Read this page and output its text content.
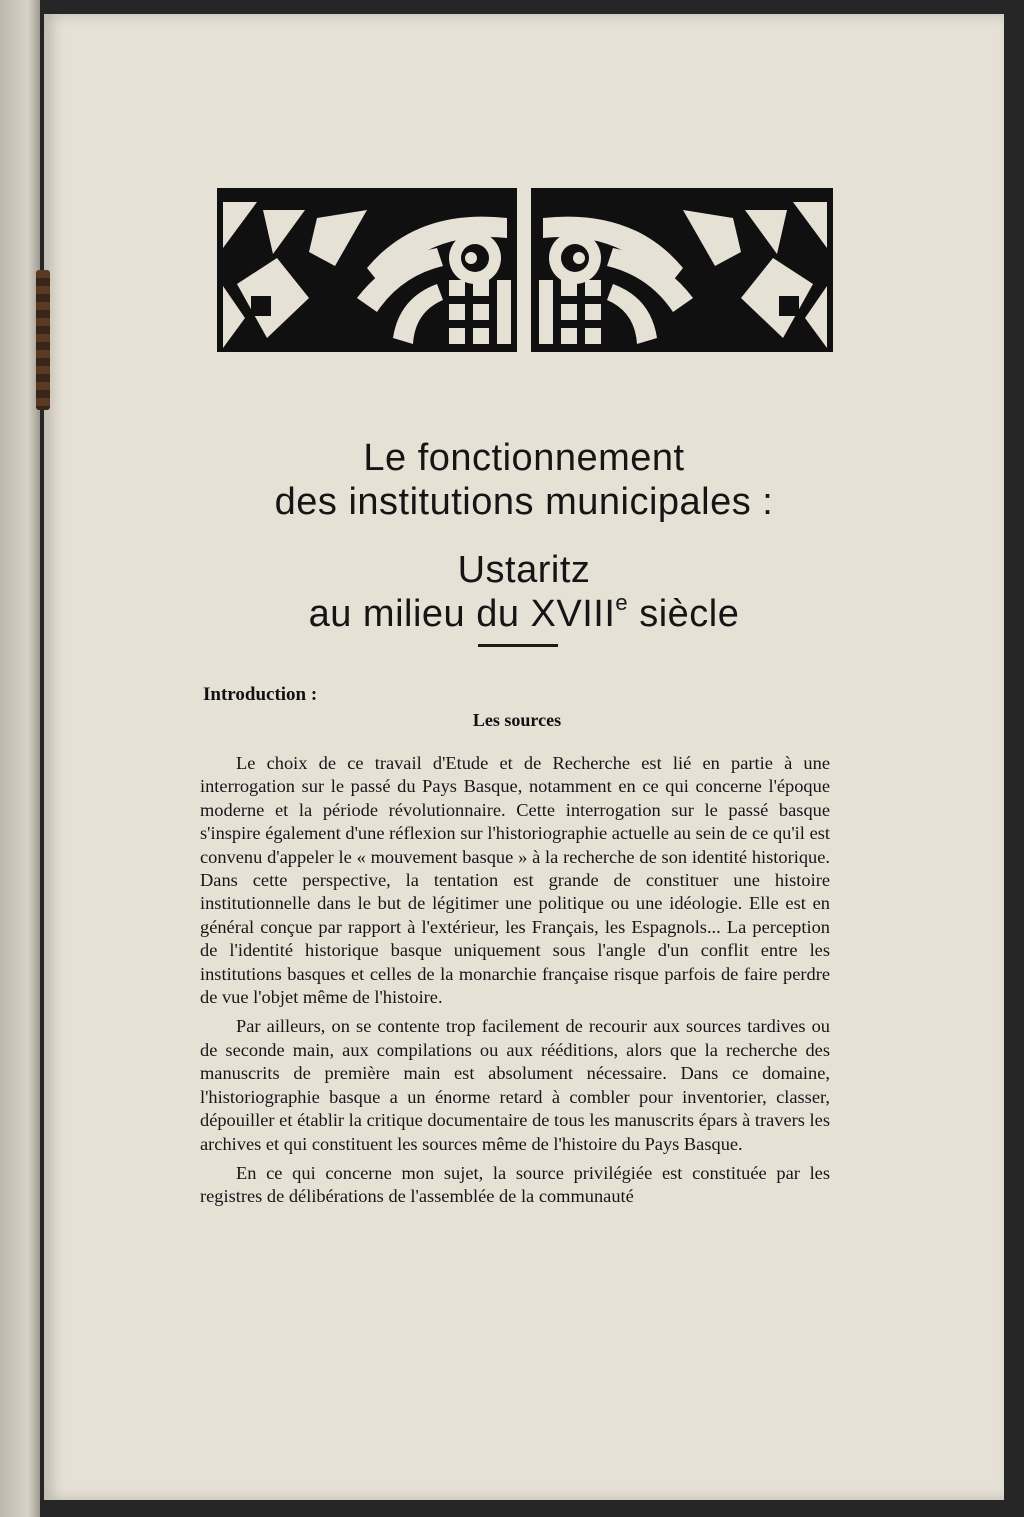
Le fonctionnement
des institutions municipales :
Ustaritz
au milieu du XVIIIe siècle
Introduction :
Les sources

Le choix de ce travail d'Etude et de Recherche est lié en partie à une interrogation sur le passé du Pays Basque, notamment en ce qui concerne l'époque moderne et la période révolutionnaire. Cette interrogation sur le passé basque s'inspire également d'une réflexion sur l'historiographie actuelle au sein de ce qu'il est convenu d'appeler le « mouvement basque » à la recherche de son identité historique. Dans cette perspective, la tentation est grande de constituer une histoire institutionnelle dans le but de légitimer une politique ou une idéologie. Elle est en général conçue par rapport à l'extérieur, les Français, les Espagnols... La perception de l'identité historique basque uniquement sous l'angle d'un conflit entre les institutions basques et celles de la monarchie française risque parfois de faire perdre de vue l'objet même de l'histoire.

Par ailleurs, on se contente trop facilement de recourir aux sources tardives ou de seconde main, aux compilations ou aux rééditions, alors que la recherche des manuscrits de première main est absolument nécessaire. Dans ce domaine, l'historiographie basque a un énorme retard à combler pour inventorier, classer, dépouiller et établir la critique documentaire de tous les manuscrits épars à travers les archives et qui constituent les sources même de l'histoire du Pays Basque.

En ce qui concerne mon sujet, la source privilégiée est constituée par les registres de délibérations de l'assemblée de la communauté
